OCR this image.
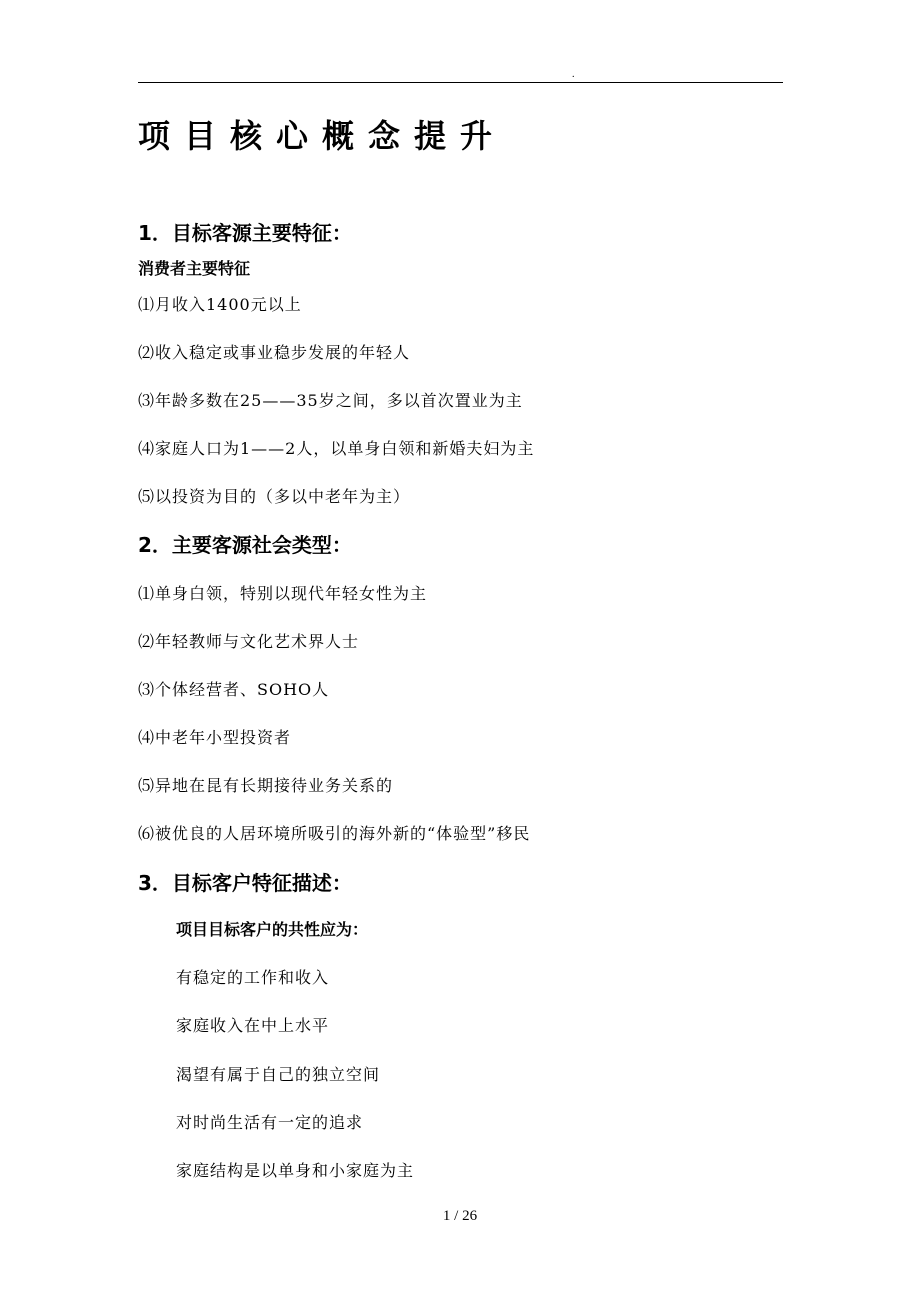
.
项目核心概念提升
1．目标客源主要特征：
消费者主要特征
⑴月收入1400元以上
⑵收入稳定或事业稳步发展的年轻人
⑶年龄多数在25——35岁之间，多以首次置业为主
⑷家庭人口为1——2人，以单身白领和新婚夫妇为主
⑸以投资为目的（多以中老年为主）
2．主要客源社会类型：
⑴单身白领，特别以现代年轻女性为主
⑵年轻教师与文化艺术界人士
⑶个体经营者、SOHO人
⑷中老年小型投资者
⑸异地在昆有长期接待业务关系的
⑹被优良的人居环境所吸引的海外新的“体验型”移民
3．目标客户特征描述：
项目目标客户的共性应为：
有稳定的工作和收入
家庭收入在中上水平
渴望有属于自己的独立空间
对时尚生活有一定的追求
家庭结构是以单身和小家庭为主
1 / 26
